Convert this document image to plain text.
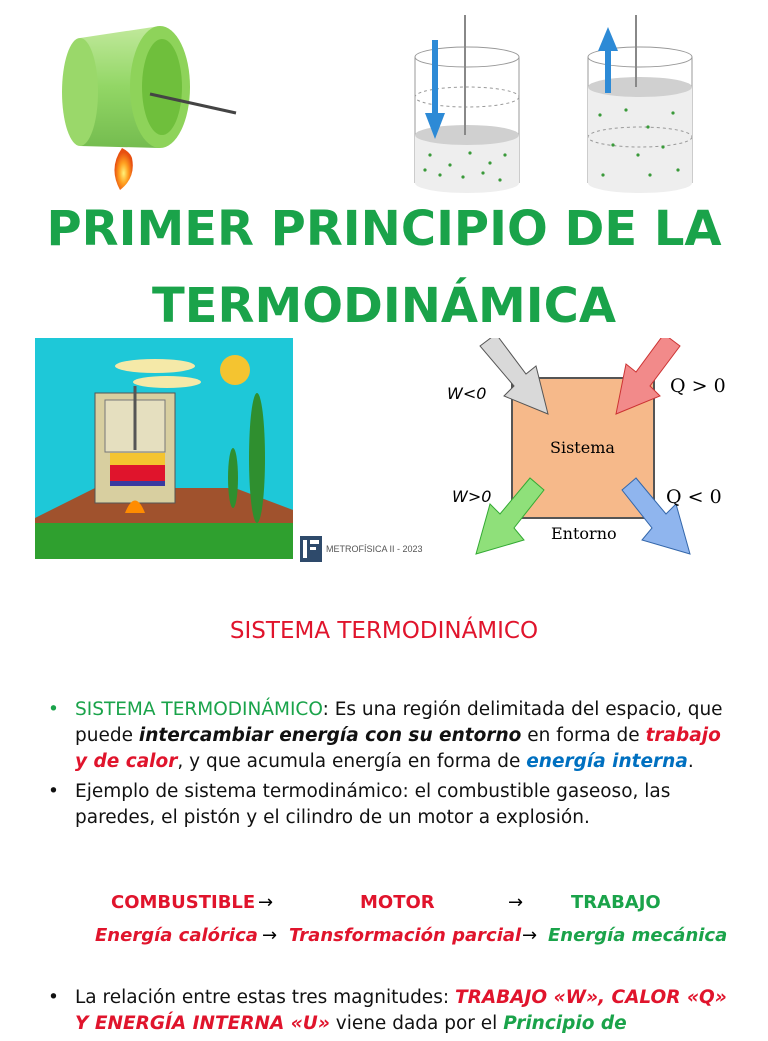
PRIMER PRINCIPIO DE LA
TERMODINÁMICA
W<0	Q > 0
Sistema
W>0	Q < 0
Entorno
METROFÍSICA II - 2023
SISTEMA TERMODINÁMICO
• SISTEMA TERMODINÁMICO: Es una región delimitada del espacio, que puede intercambiar energía con su entorno en forma de trabajo y de calor, y que acumula energía en forma de energía interna.
• Ejemplo de sistema termodinámico: el combustible gaseoso, las paredes, el pistón y el cilindro de un motor a explosión.
COMBUSTIBLE →	MOTOR	→	TRABAJO
Energía calórica → Transformación parcial → Energía mecánica
• La relación entre estas tres magnitudes: TRABAJO «W», CALOR «Q» Y ENERGÍA INTERNA «U» viene dada por el Principio de
